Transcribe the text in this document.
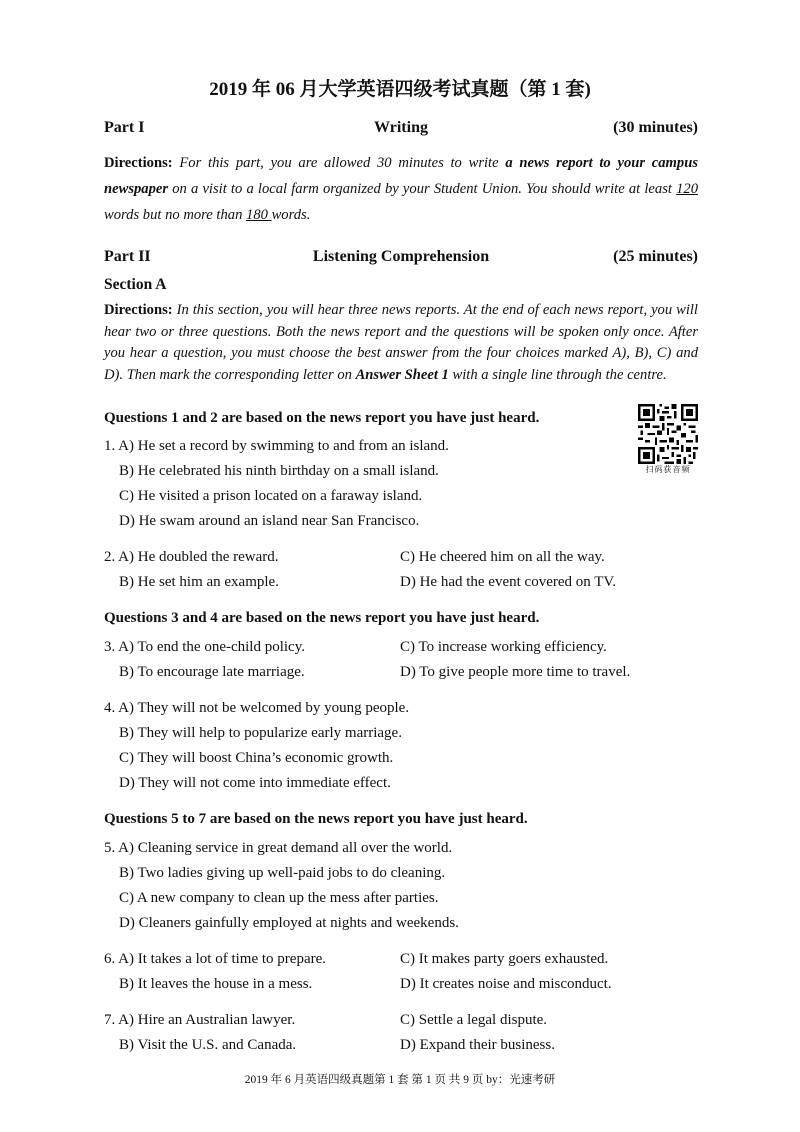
2019 年 06 月大学英语四级考试真题（第 1 套)
Part I	Writing	(30 minutes)
Directions: For this part, you are allowed 30 minutes to write a news report to your campus newspaper on a visit to a local farm organized by your Student Union. You should write at least 120 words but no more than 180 words.
Part II	Listening Comprehension	(25 minutes)
Section A
Directions: In this section, you will hear three news reports. At the end of each news report, you will hear two or three questions. Both the news report and the questions will be spoken only once. After you hear a question, you must choose the best answer from the four choices marked A), B), C) and D). Then mark the corresponding letter on Answer Sheet 1 with a single line through the centre.
扫码获音频
Questions 1 and 2 are based on the news report you have just heard.
1. A) He set a record by swimming to and from an island.
B) He celebrated his ninth birthday on a small island.
C) He visited a prison located on a faraway island.
D) He swam around an island near San Francisco.
2. A) He doubled the reward.	C) He cheered him on all the way.
B) He set him an example.	D) He had the event covered on TV.
Questions 3 and 4 are based on the news report you have just heard.
3. A) To end the one-child policy.	C) To increase working efficiency.
B) To encourage late marriage.	D) To give people more time to travel.
4. A) They will not be welcomed by young people.
B) They will help to popularize early marriage.
C) They will boost China’s economic growth.
D) They will not come into immediate effect.
Questions 5 to 7 are based on the news report you have just heard.
5. A) Cleaning service in great demand all over the world.
B) Two ladies giving up well-paid jobs to do cleaning.
C) A new company to clean up the mess after parties.
D) Cleaners gainfully employed at nights and weekends.
6. A) It takes a lot of time to prepare.	C) It makes party goers exhausted.
B) It leaves the house in a mess.	D) It creates noise and misconduct.
7. A) Hire an Australian lawyer.	C) Settle a legal dispute.
B) Visit the U.S. and Canada.	D) Expand their business.
2019 年 6 月英语四级真题第 1 套 第 1 页 共 9 页 by：光速考研
